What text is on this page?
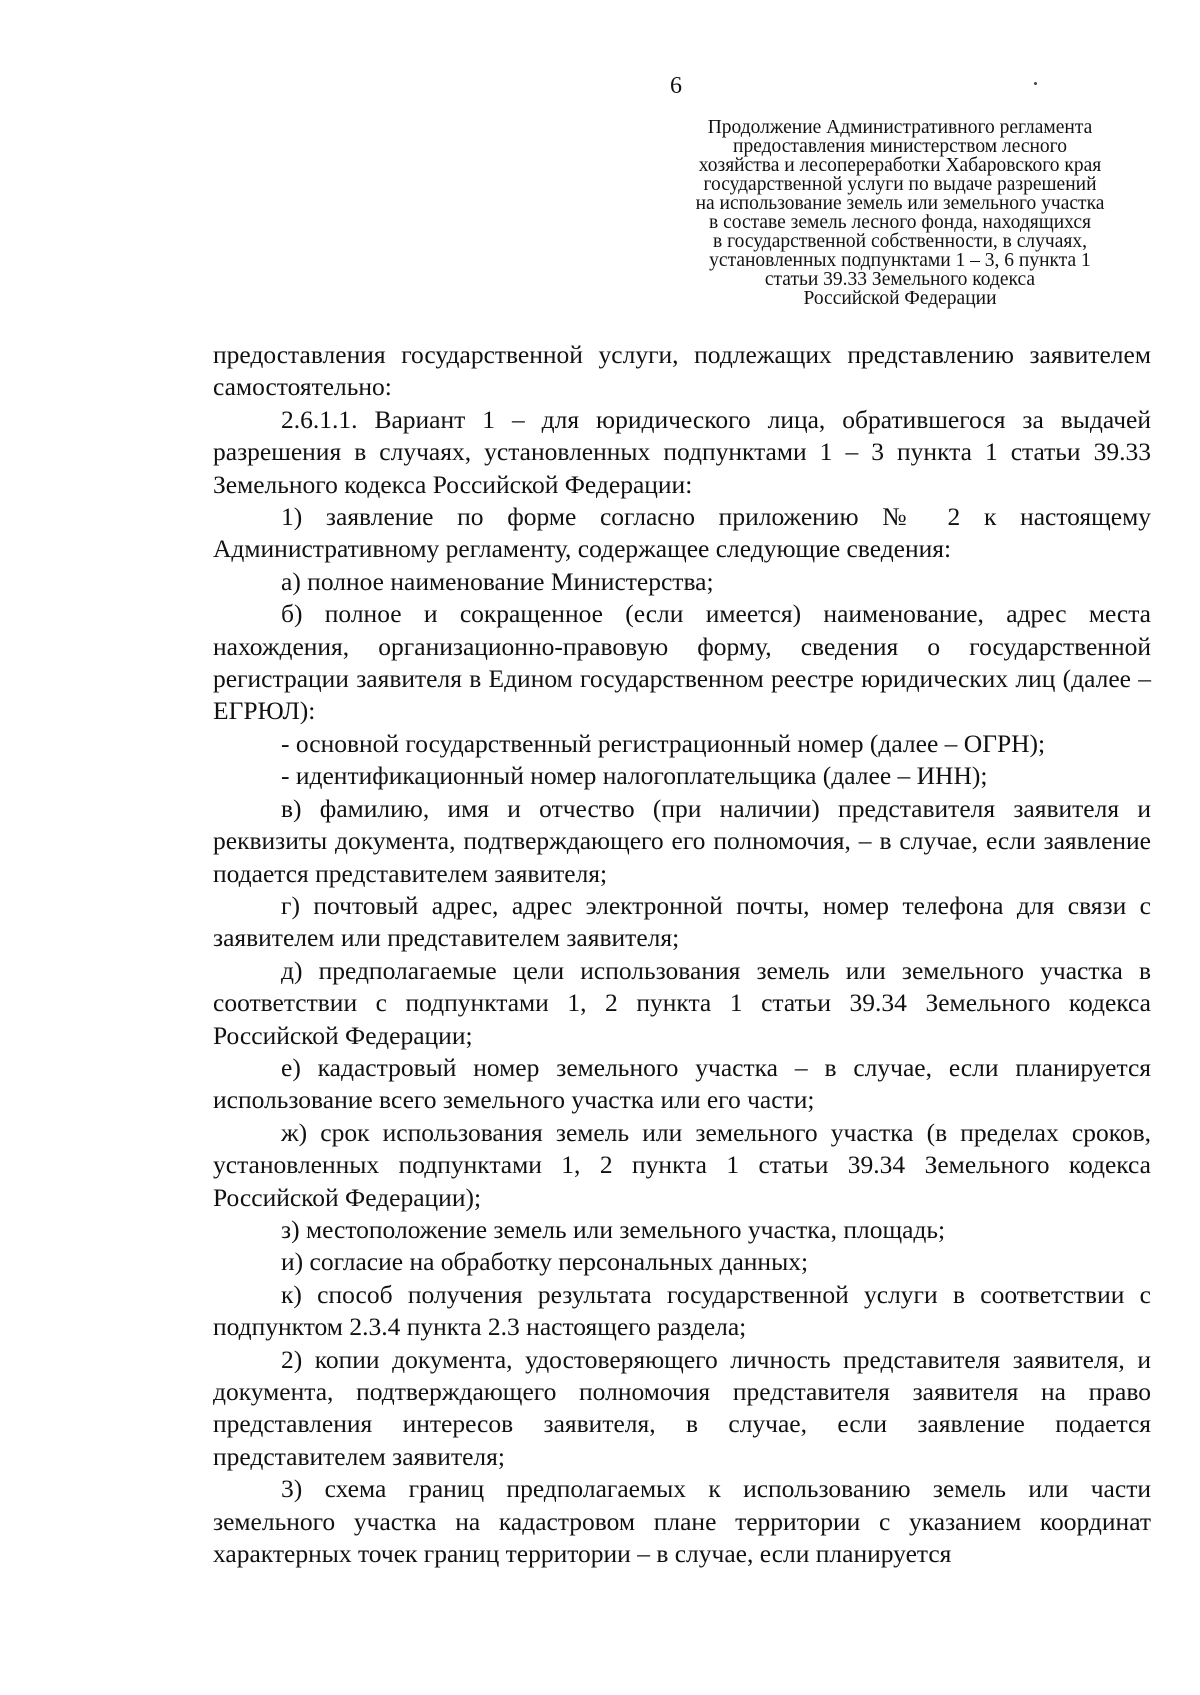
6
Продолжение Административного регламента
предоставления министерством лесного
хозяйства и лесопереработки Хабаровского края
государственной услуги по выдаче разрешений
на использование земель или земельного участка
в составе земель лесного фонда, находящихся
в государственной собственности, в случаях,
установленных подпунктами 1 – 3, 6 пункта 1
статьи 39.33 Земельного кодекса
Российской Федерации

предоставления государственной услуги, подлежащих представлению заявителем самостоятельно:

2.6.1.1. Вариант 1 – для юридического лица, обратившегося за выдачей разрешения в случаях, установленных подпунктами 1 – 3 пункта 1 статьи 39.33 Земельного кодекса Российской Федерации:

1) заявление по форме согласно приложению № 2 к настоящему Административному регламенту, содержащее следующие сведения:

а) полное наименование Министерства;

б) полное и сокращенное (если имеется) наименование, адрес места нахождения, организационно-правовую форму, сведения о государственной регистрации заявителя в Едином государственном реестре юридических лиц (далее – ЕГРЮЛ):

- основной государственный регистрационный номер (далее – ОГРН);

- идентификационный номер налогоплательщика (далее – ИНН);

в) фамилию, имя и отчество (при наличии) представителя заявителя и реквизиты документа, подтверждающего его полномочия, – в случае, если заявление подается представителем заявителя;

г) почтовый адрес, адрес электронной почты, номер телефона для связи с заявителем или представителем заявителя;

д) предполагаемые цели использования земель или земельного участка в соответствии с подпунктами 1, 2 пункта 1 статьи 39.34 Земельного кодекса Российской Федерации;

е) кадастровый номер земельного участка – в случае, если планируется использование всего земельного участка или его части;

ж) срок использования земель или земельного участка (в пределах сроков, установленных подпунктами 1, 2 пункта 1 статьи 39.34 Земельного кодекса Российской Федерации);

з) местоположение земель или земельного участка, площадь;

и) согласие на обработку персональных данных;

к) способ получения результата государственной услуги в соответствии с подпунктом 2.3.4 пункта 2.3 настоящего раздела;

2) копии документа, удостоверяющего личность представителя заявителя, и документа, подтверждающего полномочия представителя заявителя на право представления интересов заявителя, в случае, если заявление подается представителем заявителя;

3) схема границ предполагаемых к использованию земель или части земельного участка на кадастровом плане территории с указанием координат характерных точек границ территории – в случае, если планируется
